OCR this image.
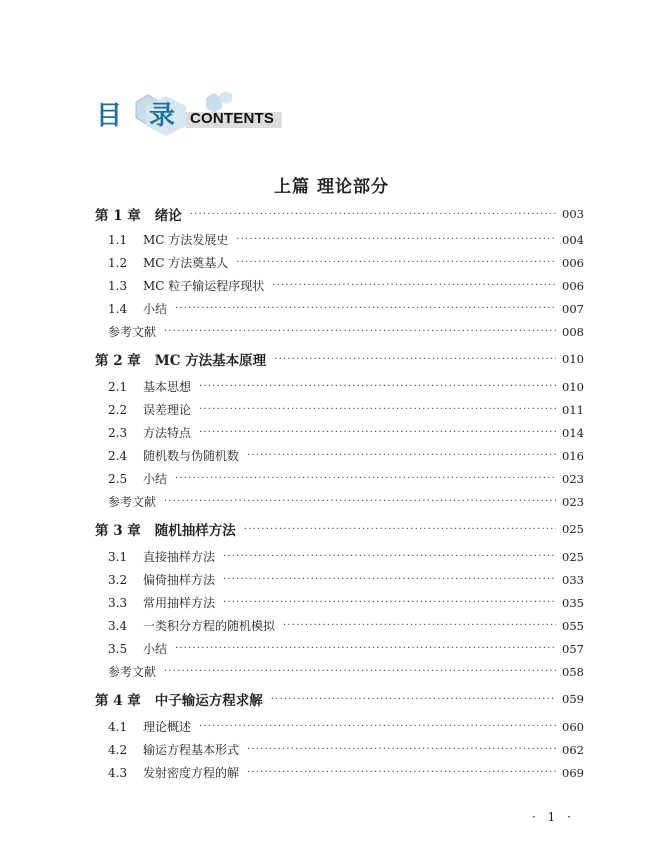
目 录 CONTENTS
上篇 理论部分
第 1 章 绪论 ·····	003
1.1	MC 方法发展史 ·····	004
1.2	MC 方法奠基人 ·····	006
1.3	MC 粒子输运程序现状 ·····	006
1.4	小结 ·····	007
参考文献 ·····	008
第 2 章 MC 方法基本原理 ·····	010
2.1	基本思想 ·····	010
2.2	误差理论 ·····	011
2.3	方法特点 ·····	014
2.4	随机数与伪随机数 ·····	016
2.5	小结 ·····	023
参考文献 ·····	023
第 3 章 随机抽样方法 ·····	025
3.1	直接抽样方法 ·····	025
3.2	偏倚抽样方法 ·····	033
3.3	常用抽样方法 ·····	035
3.4	一类积分方程的随机模拟 ·····	055
3.5	小结 ·····	057
参考文献 ·····	058
第 4 章 中子输运方程求解 ·····	059
4.1	理论概述 ·····	060
4.2	输运方程基本形式 ·····	062
4.3	发射密度方程的解 ·····	069
· 1 ·
